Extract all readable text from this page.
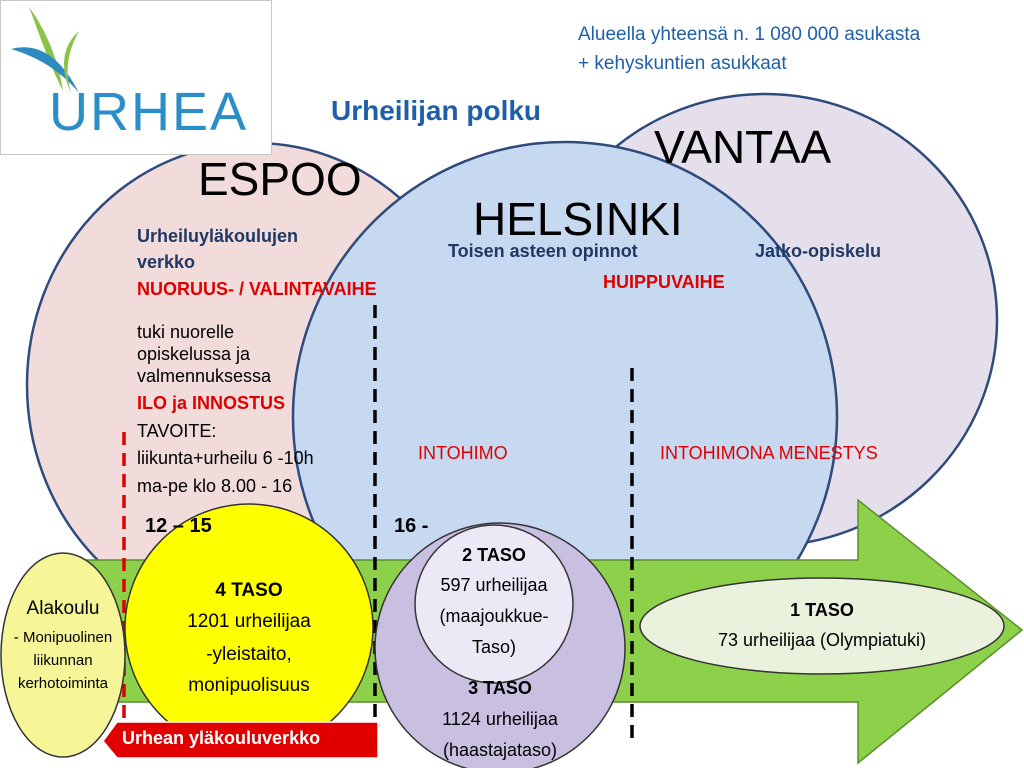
URHEA
Alueella yhteensä n. 1 080 000 asukasta
+ kehyskuntien asukkaat
Urheilijan polku
ESPOO
VANTAA
HELSINKI
Urheiluyläkoulujen
verkko
NUORUUS- / VALINTAVAIHE
tuki nuorelle
opiskelussa ja
valmennuksessa
ILO ja INNOSTUS
TAVOITE:
liikunta+urheilu 6 -10h
ma-pe klo 8.00 - 16
Toisen asteen opinnot	Jatko-opiskelu
HUIPPUVAIHE
INTOHIMO	INTOHIMONA MENESTYS
12 – 15	16 -
Alakoulu
- Monipuolinen
liikunnan
kerhotoiminta
4 TASO
1201 urheilijaa
-yleistaito,
monipuolisuus
2 TASO
597 urheilijaa
(maajoukkue-
Taso)
3 TASO
1124 urheilijaa
(haastajataso)
1 TASO
73 urheilijaa (Olympiatuki)
Urhean yläkouluverkko
